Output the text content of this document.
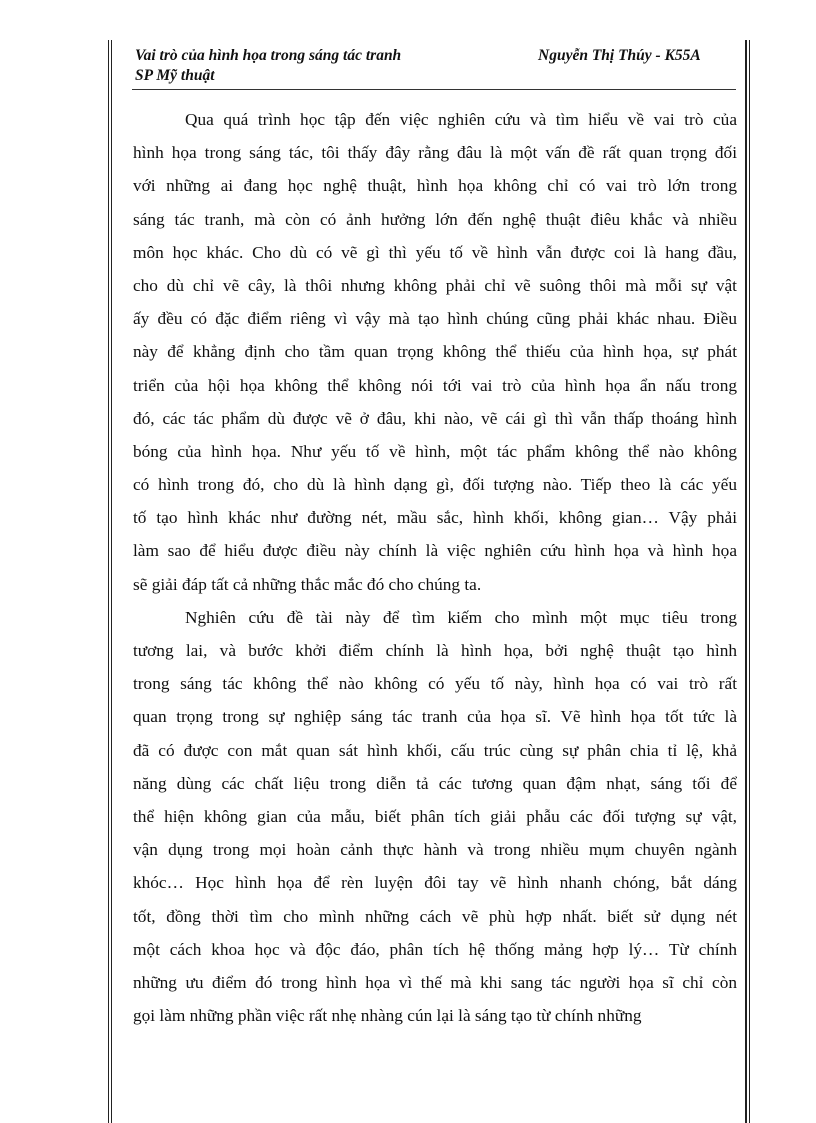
Vai trò của hình họa trong sáng tác tranh
SP Mỹ thuật
Nguyễn Thị Thúy - K55A
Qua quá trình học tập đến việc nghiên cứu và tìm hiểu về vai trò của
hình họa trong sáng tác, tôi thấy đây rằng đâu là một vấn đề rất quan trọng đối
với những ai đang học nghệ thuật, hình họa không chỉ có vai trò lớn trong
sáng tác tranh, mà còn có ảnh hưởng lớn đến nghệ thuật điêu khắc và nhiều
môn học khác. Cho dù có vẽ gì thì yếu tố về hình vẫn được coi là hang đầu,
cho dù chỉ vẽ cây, là thôi nhưng không phải chỉ vẽ suông thôi mà mỗi sự vật
ấy đều có đặc điểm riêng vì vậy mà tạo hình chúng cũng phải khác nhau. Điều
này để khẳng định cho tầm quan trọng không thể thiếu của hình họa, sự phát
triển của hội họa không thể không nói tới vai trò của hình họa ẩn nấu trong
đó, các tác phẩm dù được vẽ ở đâu, khi nào, vẽ cái gì thì vẫn thấp thoáng hình
bóng của hình họa. Như yếu tố về hình, một tác phẩm không thể nào không
có hình trong đó, cho dù là hình dạng gì, đối tượng nào. Tiếp theo là các yếu
tố tạo hình khác như đường nét, mầu sắc, hình khối, không gian… Vậy phải
làm sao để hiểu được điều này chính là việc nghiên cứu hình họa và hình họa
sẽ giải đáp tất cả những thắc mắc đó cho chúng ta.
Nghiên cứu đề tài này để tìm kiếm cho mình một mục tiêu trong
tương lai, và bước khởi điểm chính là hình họa, bởi nghệ thuật tạo hình
trong sáng tác không thể nào không có yếu tố này, hình họa có vai trò rất
quan trọng trong sự nghiệp sáng tác tranh của họa sĩ. Vẽ hình họa tốt tức là
đã có được con mắt quan sát hình khối, cấu trúc cùng sự phân chia tỉ lệ, khả
năng dùng các chất liệu trong diễn tả các tương quan đậm nhạt, sáng tối để
thể hiện không gian của mẫu, biết phân tích giải phẫu các đối tượng sự vật,
vận dụng trong mọi hoàn cảnh thực hành và trong nhiều mụm chuyên ngành
khóc… Học hình họa để rèn luyện đôi tay vẽ hình nhanh chóng, bắt dáng
tốt, đồng thời tìm cho mình những cách vẽ phù hợp nhất. biết sử dụng nét
một cách khoa học và độc đáo, phân tích hệ thống mảng hợp lý… Từ chính
những ưu điểm đó trong hình họa vì thế mà khi sang tác người họa sĩ chỉ còn
gọi làm những phần việc rất nhẹ nhàng cún lại là sáng tạo từ chính những
